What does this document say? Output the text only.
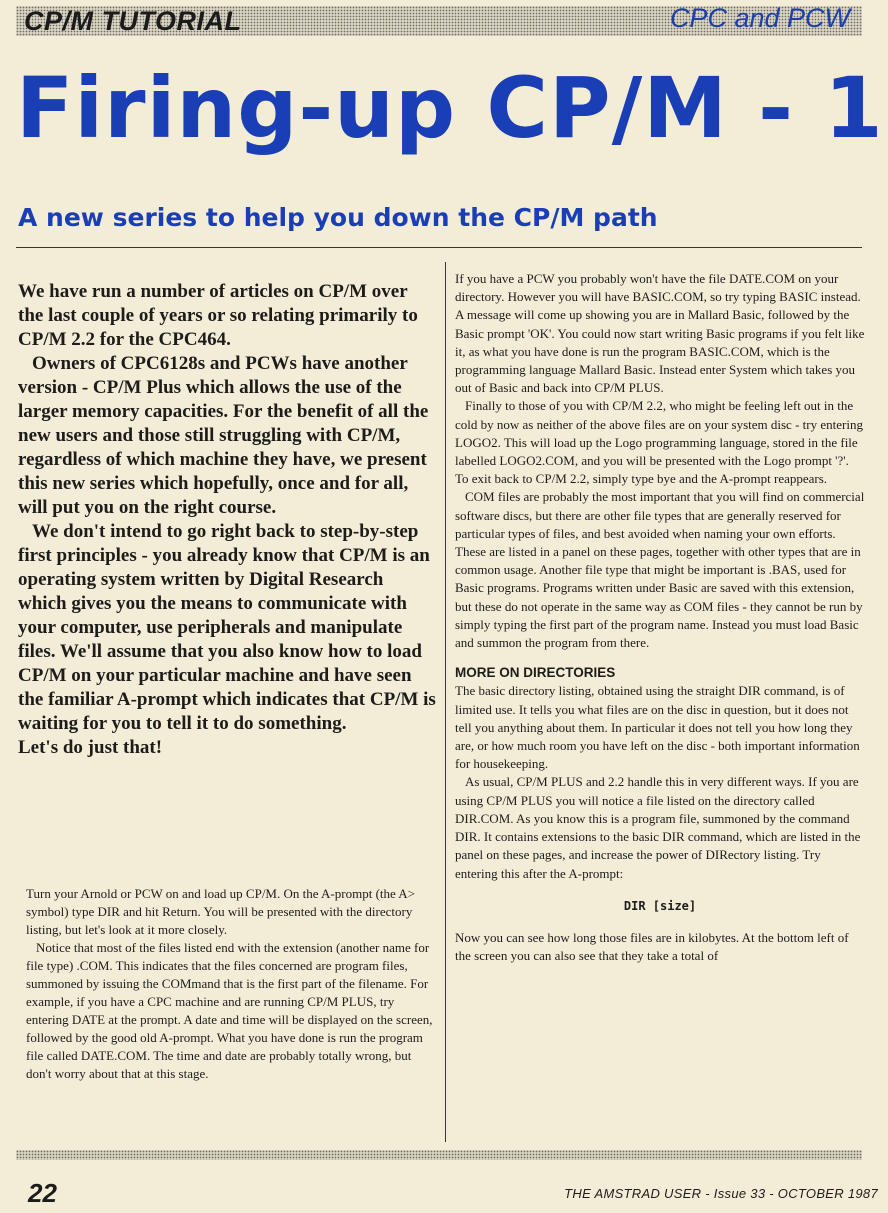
CP/M TUTORIAL	CPC and PCW
Firing-up CP/M - 1
A new series to help you down the CP/M path

We have run a number of articles on CP/M over the last couple of years or so relating primarily to CP/M 2.2 for the CPC464.

Owners of CPC6128s and PCWs have another version - CP/M Plus which allows the use of the larger memory capacities. For the benefit of all the new users and those still struggling with CP/M, regardless of which machine they have, we present this new series which hopefully, once and for all, will put you on the right course.

We don't intend to go right back to step-by-step first principles - you already know that CP/M is an operating system written by Digital Research which gives you the means to communicate with your computer, use peripherals and manipulate files. We'll assume that you also know how to load

CP/M on your particular machine and have seen the familiar A-prompt which indicates that CP/M is waiting for you to tell it to do something.

Let's do just that!

Turn your Arnold or PCW on and load up CP/M. On the A-prompt (the A> symbol) type DIR and hit Return. You will be presented with the directory listing, but let's look at it more closely.

Notice that most of the files listed end with the extension (another name for file type) .COM. This indicates that the files concerned are program files, summoned by issuing the COMmand that is the first part of the filename. For example, if you have a CPC machine and are running CP/M PLUS, try entering DATE at the prompt. A date and time will be displayed on the screen, followed by the good old A-prompt. What you have done is run the program file called DATE.COM. The time and date are probably totally wrong, but don't worry about that at this stage.

If you have a PCW you probably won't have the file DATE.COM on your directory. However you will have BASIC.COM, so try typing BASIC instead. A message will come up showing you are in Mallard Basic, followed by the Basic prompt 'OK'. You could now start writing Basic programs if you felt like it, as what you have done is run the program BASIC.COM, which is the programming language Mallard Basic. Instead enter System which takes you out of Basic and back into CP/M PLUS.

Finally to those of you with CP/M 2.2, who might be feeling left out in the cold by now as neither of the above files are on your system disc - try entering LOGO2. This will load up the Logo programming language, stored in the file labelled LOGO2.COM, and you will be presented with the Logo prompt '?'. To exit back to CP/M 2.2, simply type bye and the A-prompt reappears.

COM files are probably the most important that you will find on commercial software discs, but there are other file types that are generally reserved for particular types of files, and best avoided when naming your own efforts. These are listed in a panel on these pages, together with other types that are in common usage. Another file type that might be important is .BAS, used for Basic programs. Programs written under Basic are saved with this extension, but these do not operate in the same way as COM files - they cannot be run by simply typing the first part of the program name. Instead you must load Basic and summon the program from there.

MORE ON DIRECTORIES

The basic directory listing, obtained using the straight DIR command, is of limited use. It tells you what files are on the disc in question, but it does not tell you anything about them. In particular it does not tell you how long they are, or how much room you have left on the disc - both important information for housekeeping.

As usual, CP/M PLUS and 2.2 handle this in very different ways. If you are using CP/M PLUS you will notice a file listed on the directory called DIR.COM. As you know this is a program file, summoned by the command DIR. It contains extensions to the basic DIR command, which are listed in the panel on these pages, and increase the power of DIRectory listing. Try entering this after the A-prompt:

DIR [size]

Now you can see how long those files are in kilobytes. At the bottom left of the screen you can also see that they take a total of

22	THE AMSTRAD USER - Issue 33 - OCTOBER 1987
